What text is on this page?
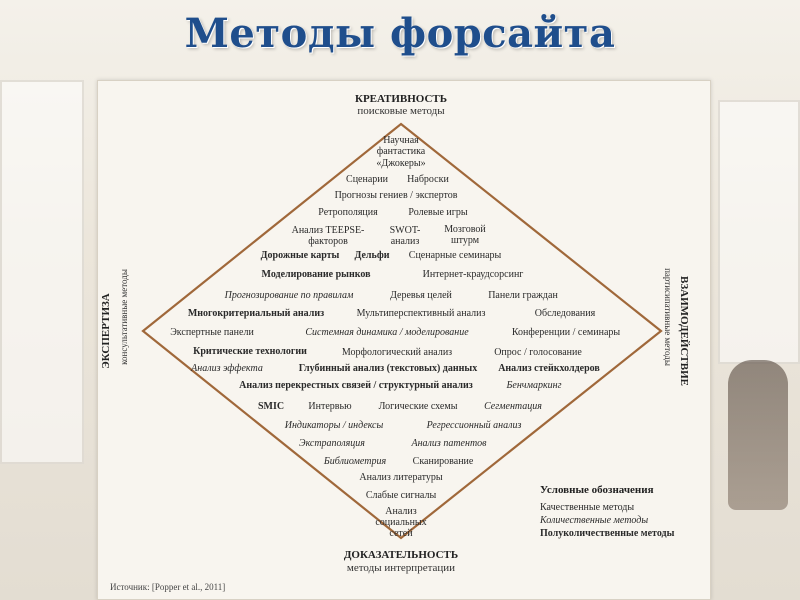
Методы форсайта
КРЕАТИВНОСТЬ
поисковые методы
ДОКАЗАТЕЛЬНОСТЬ
методы интерпретации
ЭКСПЕРТИЗА консультативные методы	ВЗАИМОДЕЙСТВИЕ
партисипативные методы
Научная фантастика
«Джокеры»
Сценарии Наброски
Прогнозы гениев / экспертов
Ретрополяция	Ролевые игры
Анализ TEEPSE-факторов
SWOT-анализ
Мозговой штурм
Дорожные карты Дельфи Сценарные семинары
Моделирование рынков	Интернет-краудсорсинг
Прогнозирование по правилам	Деревья целей	Панели граждан
Многокритериальный анализ	Мультиперспективный анализ	Обследования
Экспертные панели	Системная динамика / моделирование	Конференции / семинары
Критические технологии	Морфологический анализ	Опрос / голосование
Анализ эффекта	Глубинный анализ (текстовых) данных Анализ стейкхолдеров
Анализ перекрестных связей / структурный анализ	Бенчмаркинг
SMIC Интервью	Логические схемы	Сегментация
Индикаторы / индексы	Регрессионный анализ
Экстраполяция	Анализ патентов
Библиометрия	Сканирование
Анализ литературы
Слабые сигналы
Анализ социальных сетей
Условные обозначения
Качественные методы
Количественные методы
Полуколичественные методы
Источник: [Popper et al., 2011]
